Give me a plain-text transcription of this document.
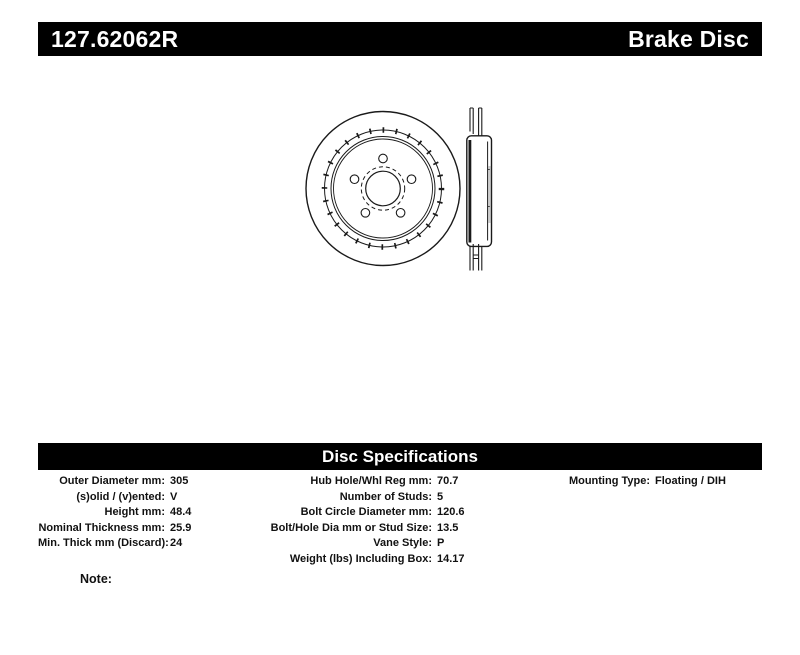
127.62062R	Brake Disc
Disc Specifications
Outer Diameter mm: 305
(s)olid / (v)ented: V
Height mm: 48.4
Nominal Thickness mm: 25.9
Min. Thick mm (Discard): 24
Hub Hole/Whl Reg mm: 70.7
Number of Studs: 5
Bolt Circle Diameter mm: 120.6
Bolt/Hole Dia mm or Stud Size: 13.5
Vane Style: P
Weight (lbs) Including Box: 14.17
Mounting Type: Floating / DIH
Note:
